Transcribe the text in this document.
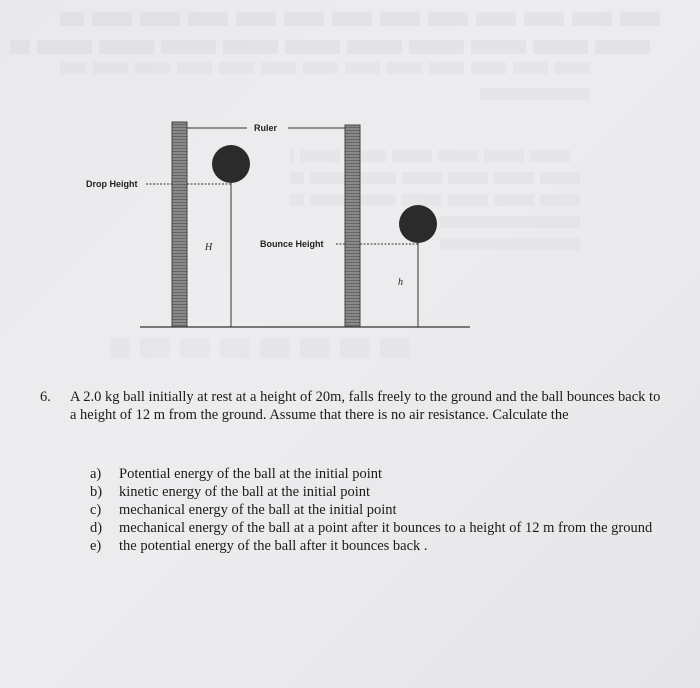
Ruler
Drop Height
H	Bounce Height
h
6. A 2.0 kg ball initially at rest at a height of 20m, falls freely to the ground and the ball bounces back to a height of 12 m from the ground. Assume that there is no air resistance. Calculate the
a) Potential energy of the ball at the initial point
b) kinetic energy of the ball at the initial point
c) mechanical energy of the ball at the initial point
d) mechanical energy of the ball at a point after it bounces to a height of 12 m from the ground
e) the potential energy of the ball after it bounces back .
